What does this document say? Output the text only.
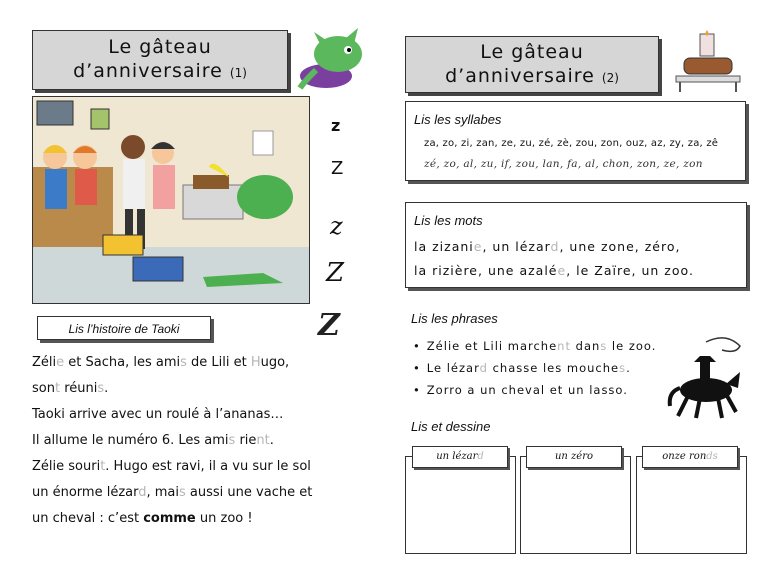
Le gâteau
d’anniversaire (1)
z
Z
z
Z
Lis l’histoire de Taoki	Z
Zélie et Sacha, les amis de Lili et Hugo,
sont réunis.
Taoki arrive avec un roulé à l’ananas…
Il allume le numéro 6. Les amis rient.
Zélie sourit. Hugo est ravi, il a vu sur le sol
un énorme lézard, mais aussi une vache et
un cheval : c’est comme un zoo !
Le gâteau
d’anniversaire (2)
Lis les syllabes
za, zo, zi, zan, ze, zu, zé, zè, zou, zon, ouz, az, zy, za, zê
zé, zo, al, zu, if, zou, lan, fa, al, chon, zon, ze, zon
Lis les mots
la zizanie, un lézard, une zone, zéro,
la rizière, une azalée, le Zaïre, un zoo.
Lis les phrases
• Zélie et Lili marchent dans le zoo.
• Le lézard chasse les mouches.
• Zorro a un cheval et un lasso.
Lis et dessine
un lézard	un zéro	onze ronds
